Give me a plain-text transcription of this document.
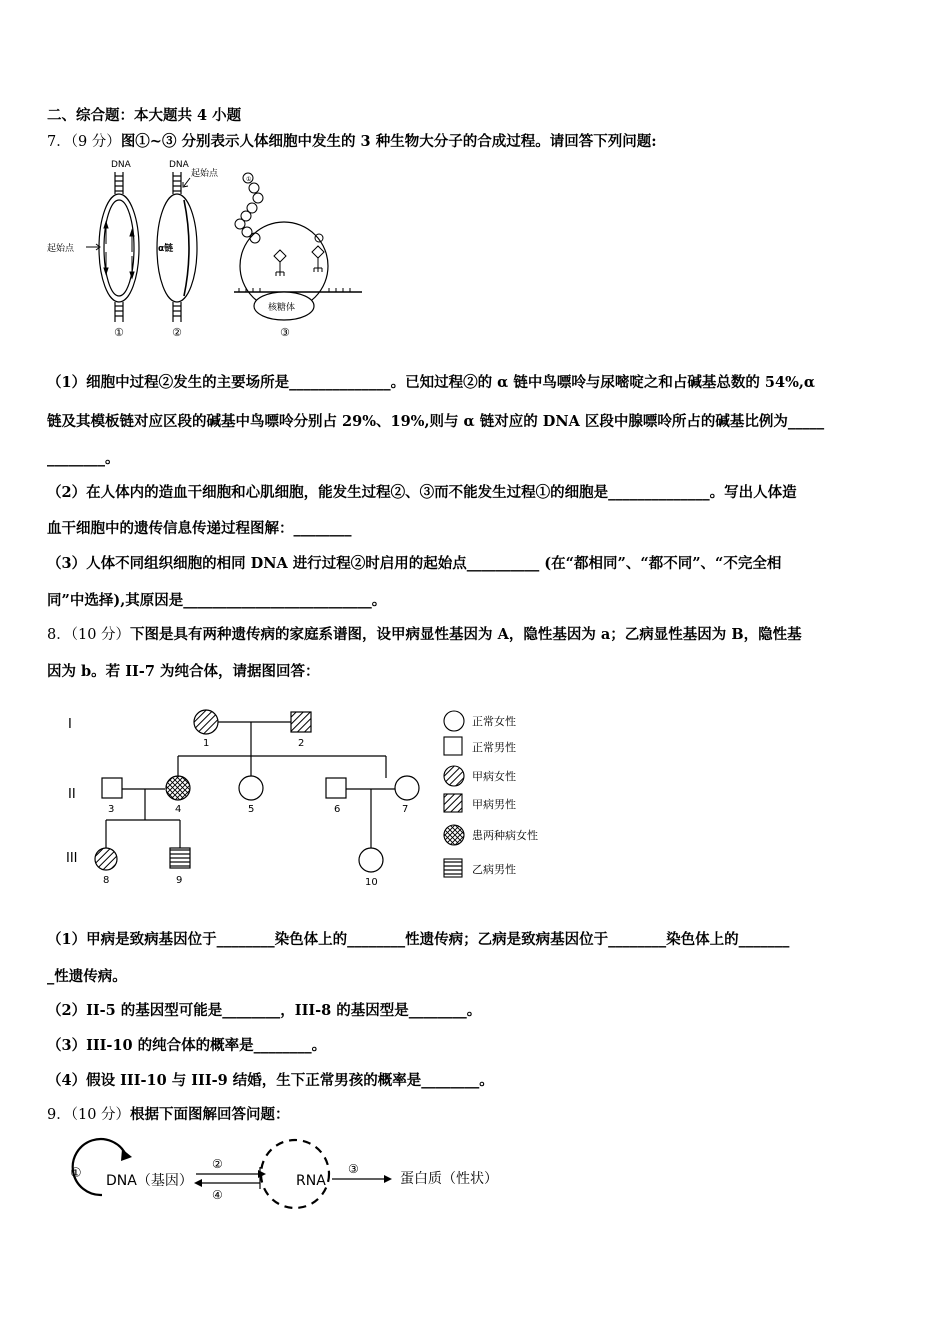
二、综合题：本大题共 4 小题
7．（9 分）图①~③ 分别表示人体细胞中发生的 3 种生物大分子的合成过程。请回答下列问题:
DNA
起始点
①
DNA
α链
起始点
②
①
核糖体
③
（1）细胞中过程②发生的主要场所是______________。已知过程②的 α 链中鸟嘌呤与尿嘧啶之和占碱基总数的 54%,α
链及其模板链对应区段的碱基中鸟嘌呤分别占 29%、19%,则与 α 链对应的 DNA 区段中腺嘌呤所占的碱基比例为_____
________。
（2）在人体内的造血干细胞和心肌细胞，能发生过程②、③而不能发生过程①的细胞是______________。写出人体造
血干细胞中的遗传信息传递过程图解：________
（3）人体不同组织细胞的相同 DNA 进行过程②时启用的起始点__________ (在“都相同”、“都不同”、“不完全相
同”中选择),其原因是__________________________。
8．（10 分）下图是具有两种遗传病的家庭系谱图，设甲病显性基因为 A，隐性基因为 a；乙病显性基因为 B，隐性基
因为 b。若 II-7 为纯合体，请据图回答：
I
II
III
1	2
3	4	5	6	7
8	9	10
正常女性
正常男性
甲病女性
甲病男性
患两种病女性
乙病男性
（1）甲病是致病基因位于________染色体上的________性遗传病；乙病是致病基因位于________染色体上的_______
_性遗传病。
（2）II-5 的基因型可能是________，III-8 的基因型是________。
（3）III-10 的纯合体的概率是________。
（4）假设 III-10 与 III-9 结婚，生下正常男孩的概率是________。
9．（10 分）根据下面图解回答问题：
① DNA（基因）
②
④
RNA
③
蛋白质（性状）
